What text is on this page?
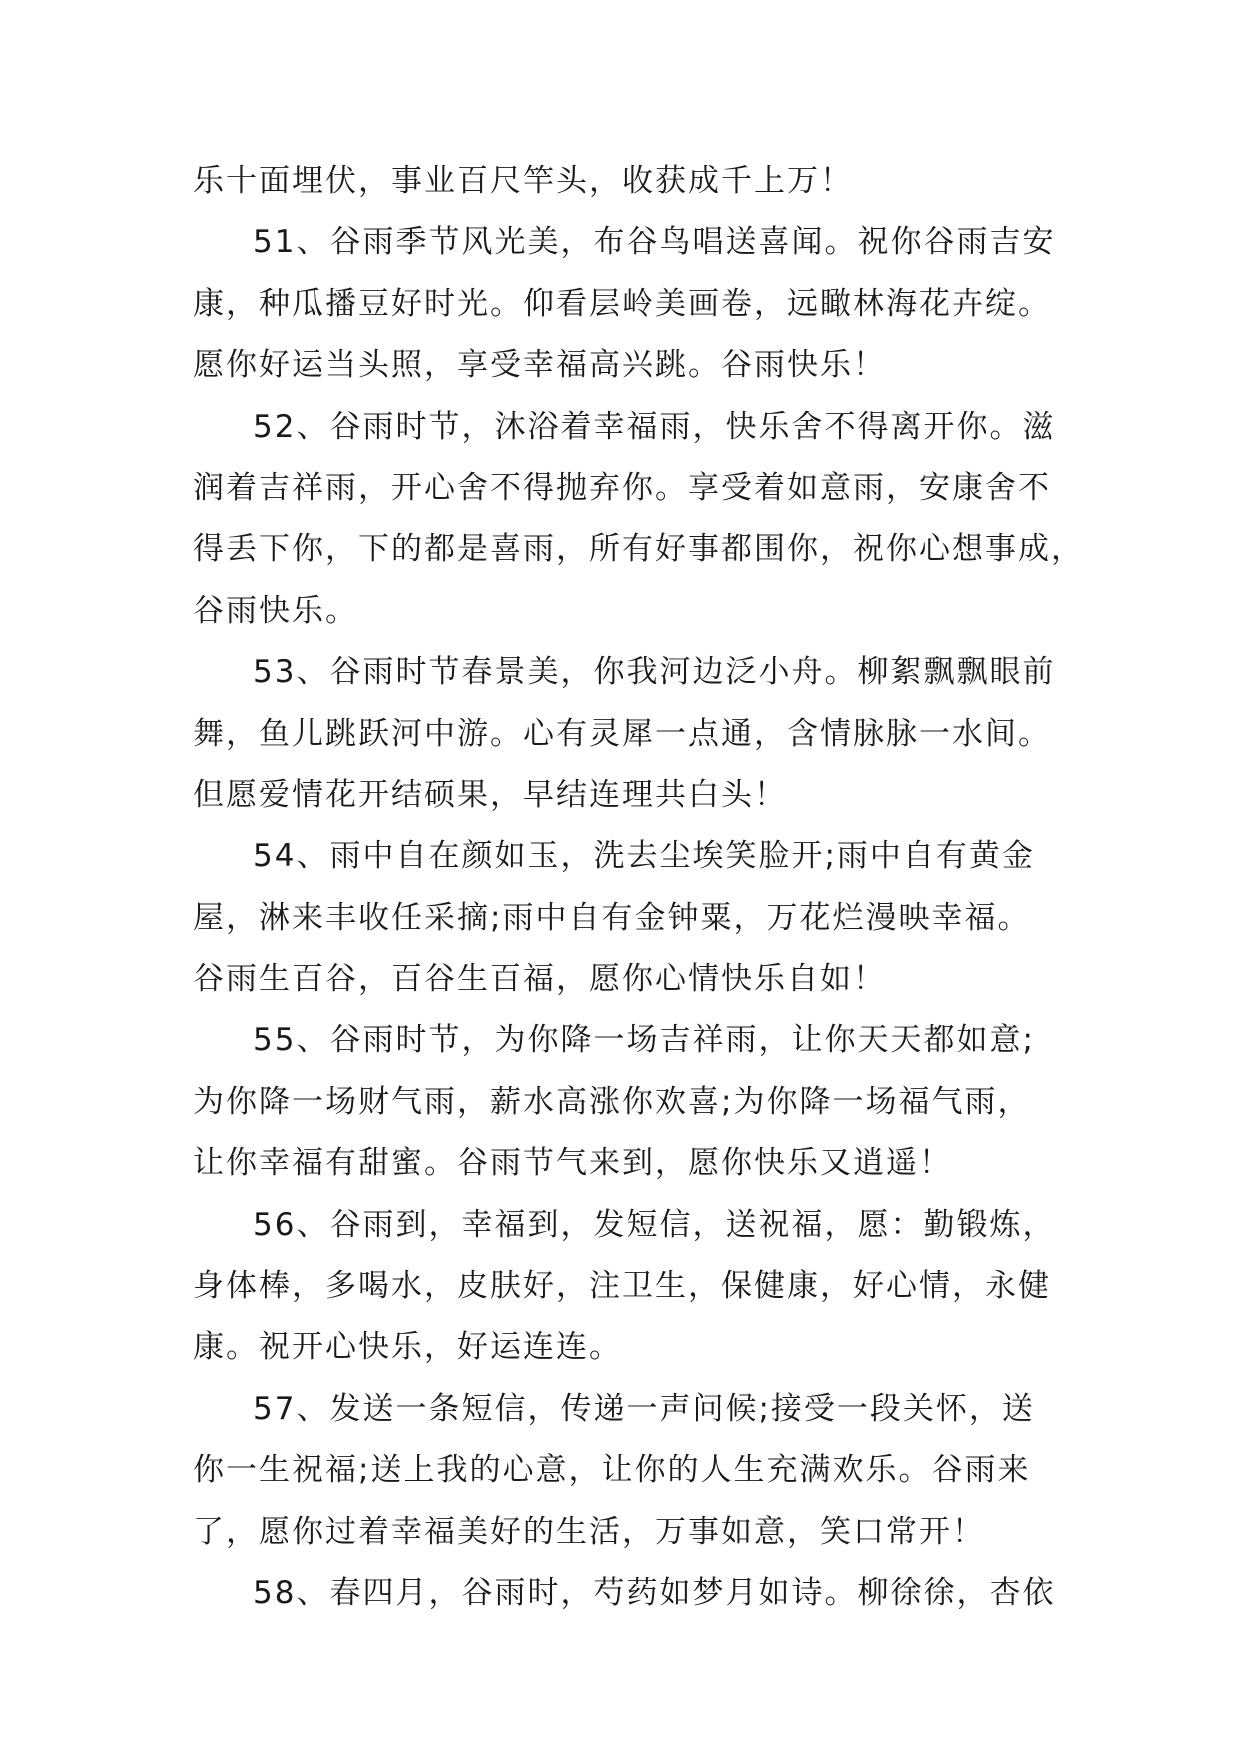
乐十面埋伏，事业百尺竿头，收获成千上万！
51、谷雨季节风光美，布谷鸟唱送喜闻。祝你谷雨吉安
康，种瓜播豆好时光。仰看层岭美画卷，远瞰林海花卉绽。
愿你好运当头照，享受幸福高兴跳。谷雨快乐！
52、谷雨时节，沐浴着幸福雨，快乐舍不得离开你。滋
润着吉祥雨，开心舍不得抛弃你。享受着如意雨，安康舍不
得丢下你，下的都是喜雨，所有好事都围你，祝你心想事成，
谷雨快乐。
53、谷雨时节春景美，你我河边泛小舟。柳絮飘飘眼前
舞，鱼儿跳跃河中游。心有灵犀一点通，含情脉脉一水间。
但愿爱情花开结硕果，早结连理共白头！
54、雨中自在颜如玉，洗去尘埃笑脸开;雨中自有黄金
屋，淋来丰收任采摘;雨中自有金钟粟，万花烂漫映幸福。
谷雨生百谷，百谷生百福，愿你心情快乐自如！
55、谷雨时节，为你降一场吉祥雨，让你天天都如意;
为你降一场财气雨，薪水高涨你欢喜;为你降一场福气雨，
让你幸福有甜蜜。谷雨节气来到，愿你快乐又逍遥！
56、谷雨到，幸福到，发短信，送祝福，愿：勤锻炼，
身体棒，多喝水，皮肤好，注卫生，保健康，好心情，永健
康。祝开心快乐，好运连连。
57、发送一条短信，传递一声问候;接受一段关怀，送
你一生祝福;送上我的心意，让你的人生充满欢乐。谷雨来
了，愿你过着幸福美好的生活，万事如意，笑口常开！
58、春四月，谷雨时，芍药如梦月如诗。柳徐徐，杏依
